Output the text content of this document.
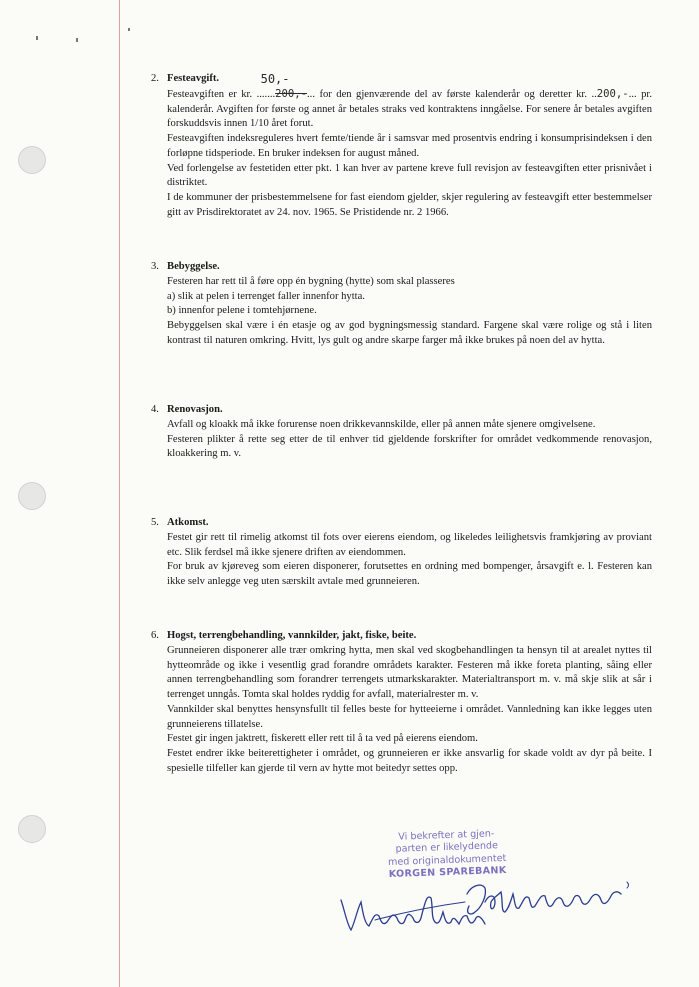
2. Festeavgift.

Festeavgiften er kr. .......200,-...
50,-
for den gjenværende del av første kalenderår og deretter kr. ..200,-... pr. kalenderår. Avgiften for første og annet år betales straks ved kontraktens inngåelse. For senere år betales avgiften forskuddsvis innen 1/10 året forut.

Festeavgiften indeksreguleres hvert femte/tiende år i samsvar med prosentvis endring i konsumprisindeksen i den forløpne tidsperiode. En bruker indeksen for august måned.

Ved forlengelse av festetiden etter pkt. 1 kan hver av partene kreve full revisjon av festeavgiften etter prisnivået i distriktet.

I de kommuner der prisbestemmelsene for fast eiendom gjelder, skjer regulering av festeavgift etter bestemmelser gitt av Prisdirektoratet av 24. nov. 1965. Se Pristidende nr. 2 1966.

3. Bebyggelse.

Festeren har rett til å føre opp én bygning (hytte) som skal plasseres

a) slik at pelen i terrenget faller innenfor hytta.

b) innenfor pelene i tomtehjørnene.

Bebyggelsen skal være i én etasje og av god bygningsmessig standard. Fargene skal være rolige og stå i liten kontrast til naturen omkring. Hvitt, lys gult og andre skarpe farger må ikke brukes på noen del av hytta.

4. Renovasjon.

Avfall og kloakk må ikke forurense noen drikkevannskilde, eller på annen måte sjenere omgivelsene.

Festeren plikter å rette seg etter de til enhver tid gjeldende forskrifter for området vedkommende renovasjon, kloakkering m. v.

5. Atkomst.

Festet gir rett til rimelig atkomst til fots over eierens eiendom, og likeledes leilighetsvis framkjøring av proviant etc. Slik ferdsel må ikke sjenere driften av eiendommen.

For bruk av kjøreveg som eieren disponerer, forutsettes en ordning med bompenger, årsavgift e. l. Festeren kan ikke selv anlegge veg uten særskilt avtale med grunneieren.

6. Hogst, terrengbehandling, vannkilder, jakt, fiske, beite.

Grunneieren disponerer alle trær omkring hytta, men skal ved skogbehandlingen ta hensyn til at arealet nyttes til hytteområde og ikke i vesentlig grad forandre områdets karakter. Festeren må ikke foreta planting, såing eller annen terrengbehandling som forandrer terrengets utmarkskarakter. Materialtransport m. v. må skje slik at sår i terrenget unngås. Tomta skal holdes ryddig for avfall, materialrester m. v.

Vannkilder skal benyttes hensynsfullt til felles beste for hytteeierne i området. Vannledning kan ikke legges uten grunneierens tillatelse.

Festet gir ingen jaktrett, fiskerett eller rett til å ta ved på eierens eiendom.

Festet endrer ikke beiterettigheter i området, og grunneieren er ikke ansvarlig for skade voldt av dyr på beite. I spesielle tilfeller kan gjerde til vern av hytte mot beitedyr settes opp.

Vi bekrefter at gjen-
parten er likelydende
med originaldokumentet
KORGEN SPAREBANK
